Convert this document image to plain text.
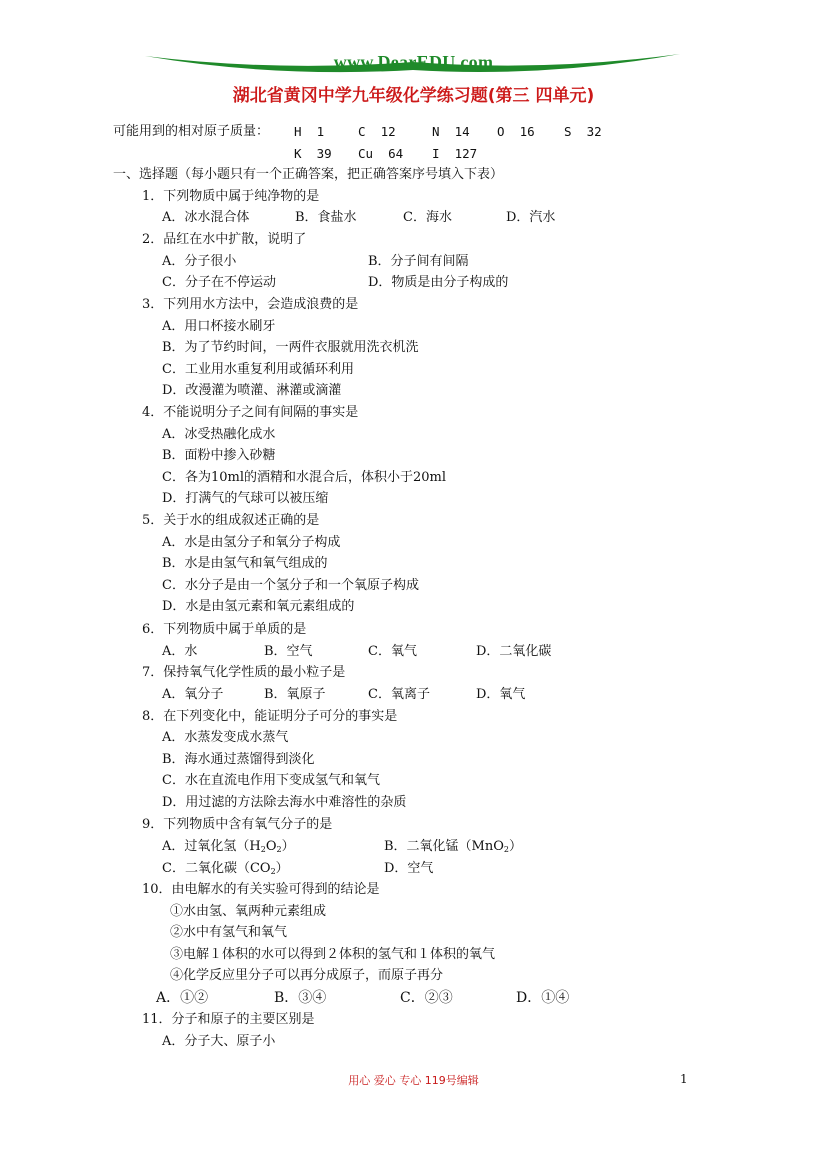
www.DearEDU.com
湖北省黄冈中学九年级化学练习题(第三 四单元)
可能用到的相对原子质量： H 1	C 12	N 14 O 16 S 32
K 39 Cu 64 I 127
一、选择题（每小题只有一个正确答案，把正确答案序号填入下表）
1．下列物质中属于纯净物的是
A．冰水混合体	B．食盐水	C．海水	D．汽水
2．品红在水中扩散，说明了
A．分子很小	B．分子间有间隔
C．分子在不停运动	D．物质是由分子构成的
3．下列用水方法中，会造成浪费的是
A．用口杯接水刷牙
B．为了节约时间，一两件衣服就用洗衣机洗
C．工业用水重复利用或循环利用
D．改漫灌为喷灌、淋灌或滴灌
4．不能说明分子之间有间隔的事实是
A．冰受热融化成水
B．面粉中掺入砂糖
C．各为10ml的酒精和水混合后，体积小于20ml
D．打满气的气球可以被压缩
5．关于水的组成叙述正确的是
A．水是由氢分子和氧分子构成
B．水是由氢气和氧气组成的
C．水分子是由一个氢分子和一个氧原子构成
D．水是由氢元素和氧元素组成的
6．下列物质中属于单质的是
A．水	B．空气	C．氧气	D．二氧化碳
7．保持氧气化学性质的最小粒子是
A．氧分子	B．氧原子	C．氧离子	D．氧气
8．在下列变化中，能证明分子可分的事实是
A．水蒸发变成水蒸气
B．海水通过蒸馏得到淡化
C．水在直流电作用下变成氢气和氧气
D．用过滤的方法除去海水中难溶性的杂质
9．下列物质中含有氧气分子的是
A．过氧化氢$(H_2O_2)$	B．二氧化锰（MnO$_2$）
C．二氧化碳$(CO_2)$	D．空气
10．由电解水的有关实验可得到的结论是
①水由氢、氧两种元素组成
②水中有氢气和氧气
③电解１体积的水可以得到２体积的氢气和１体积的氧气
④化学反应里分子可以再分成原子，而原子再分
A．①②	B．③④	C．②③	D．①④
11．分子和原子的主要区别是
A．分子大、原子小
用心 爱心 专心 119号编辑	1
